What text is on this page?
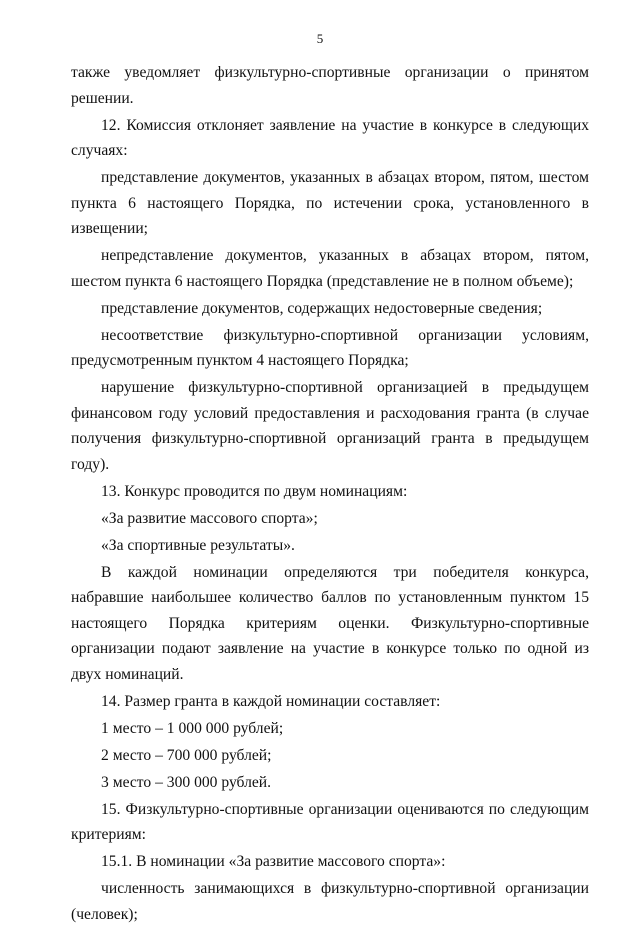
5

также уведомляет физкультурно-спортивные организации о принятом решении.

12. Комиссия отклоняет заявление на участие в конкурсе в следующих случаях:

представление документов, указанных в абзацах втором, пятом, шестом пункта 6 настоящего Порядка, по истечении срока, установленного в извещении;

непредставление документов, указанных в абзацах втором, пятом, шестом пункта 6 настоящего Порядка (представление не в полном объеме);

представление документов, содержащих недостоверные сведения;

несоответствие физкультурно-спортивной организации условиям, предусмотренным пунктом 4 настоящего Порядка;

нарушение физкультурно-спортивной организацией в предыдущем финансовом году условий предоставления и расходования гранта (в случае получения физкультурно-спортивной организаций гранта в предыдущем году).

13. Конкурс проводится по двум номинациям:

«За развитие массового спорта»;

«За спортивные результаты».

В каждой номинации определяются три победителя конкурса, набравшие наибольшее количество баллов по установленным пунктом 15 настоящего Порядка критериям оценки. Физкультурно-спортивные организации подают заявление на участие в конкурсе только по одной из двух номинаций.

14. Размер гранта в каждой номинации составляет:

1 место – 1 000 000 рублей;

2 место – 700 000 рублей;

3 место – 300 000 рублей.

15. Физкультурно-спортивные организации оцениваются по следующим критериям:

15.1. В номинации «За развитие массового спорта»:

численность занимающихся в физкультурно-спортивной организации (человек);
